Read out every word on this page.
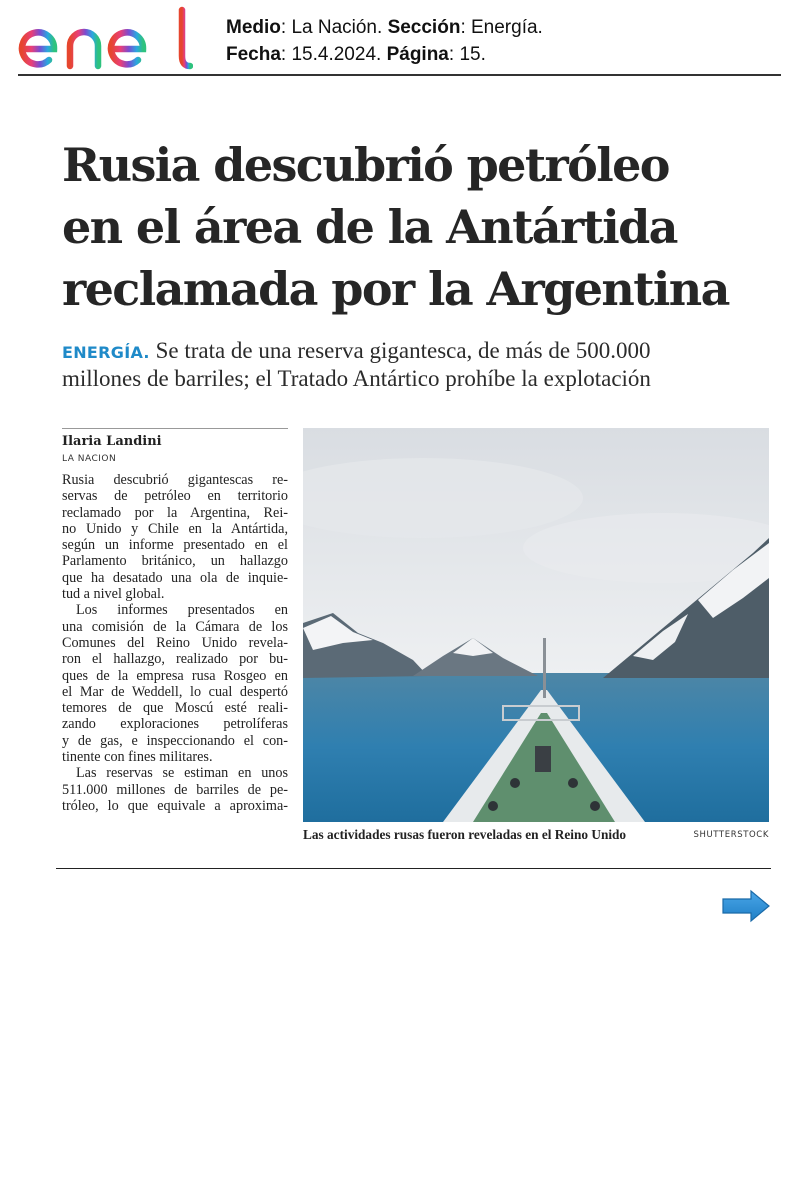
Medio: La Nación. Sección: Energía.
Fecha: 15.4.2024. Página: 15.
Rusia descubrió petróleo
en el área de la Antártida
reclamada por la Argentina
ENERGÍA. Se trata de una reserva gigantesca, de más de 500.000
millones de barriles; el Tratado Antártico prohíbe la explotación
Ilaria Landini
LA NACION
Rusia descubrió gigantescas re-
servas de petróleo en territorio
reclamado por la Argentina, Rei-
no Unido y Chile en la Antártida,
según un informe presentado en el
Parlamento británico, un hallazgo
que ha desatado una ola de inquie-
tud a nivel global.
Los informes presentados en
una comisión de la Cámara de los
Comunes del Reino Unido revela-
ron el hallazgo, realizado por bu-
ques de la empresa rusa Rosgeo en
el Mar de Weddell, lo cual despertó
temores de que Moscú esté reali-
zando exploraciones petrolíferas
y de gas, e inspeccionando el con-
tinente con fines militares.
Las reservas se estiman en unos
511.000 millones de barriles de pe-
tróleo, lo que equivale a aproxima-
Las actividades rusas fueron reveladas en el Reino Unido	SHUTTERSTOCK
